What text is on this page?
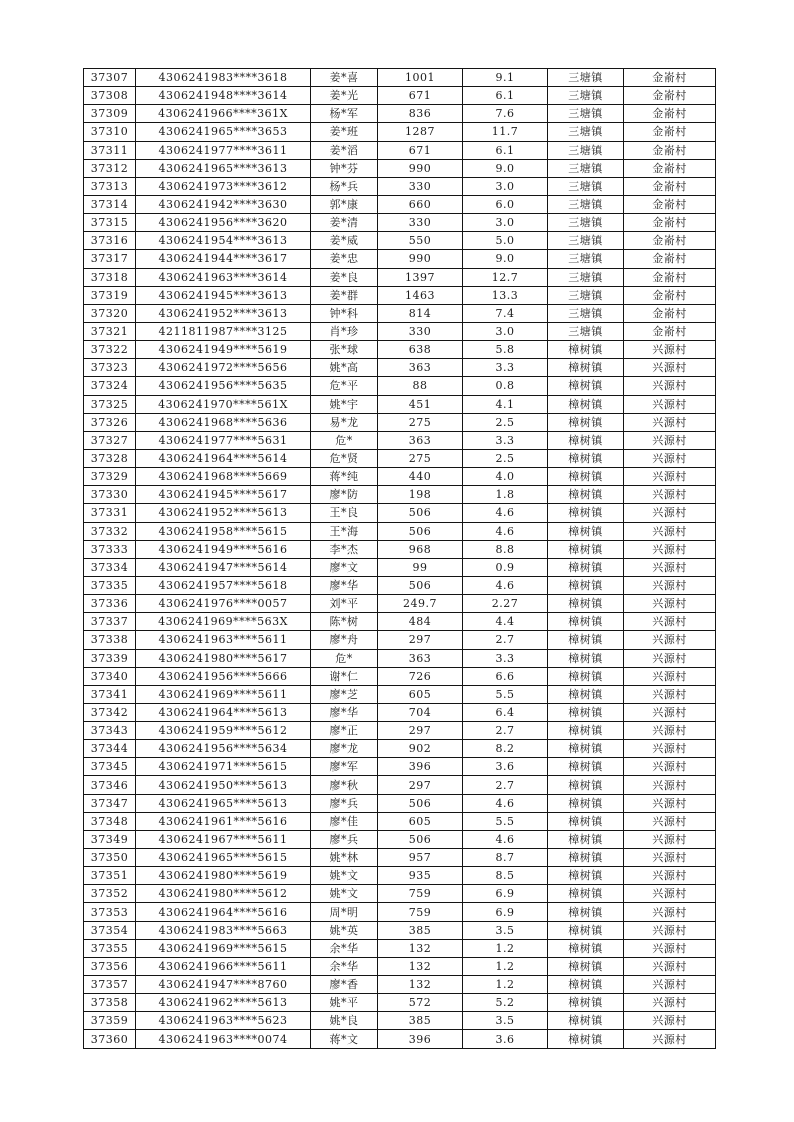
37307	4306241983****3618	姜*喜	1001	9.1	三塘镇	金嵛村
37308	4306241948****3614	姜*光	671	6.1	三塘镇	金嵛村
37309	4306241966****361X	杨*军	836	7.6	三塘镇	金嵛村
37310	4306241965****3653	姜*班	1287	11.7	三塘镇	金嵛村
37311	4306241977****3611	姜*滔	671	6.1	三塘镇	金嵛村
37312	4306241965****3613	钟*芬	990	9.0	三塘镇	金嵛村
37313	4306241973****3612	杨*兵	330	3.0	三塘镇	金嵛村
37314	4306241942****3630	郭*康	660	6.0	三塘镇	金嵛村
37315	4306241956****3620	姜*清	330	3.0	三塘镇	金嵛村
37316	4306241954****3613	姜*威	550	5.0	三塘镇	金嵛村
37317	4306241944****3617	姜*忠	990	9.0	三塘镇	金嵛村
37318	4306241963****3614	姜*良	1397	12.7	三塘镇	金嵛村
37319	4306241945****3613	姜*群	1463	13.3	三塘镇	金嵛村
37320	4306241952****3613	钟*科	814	7.4	三塘镇	金嵛村
37321	4211811987****3125	肖*珍	330	3.0	三塘镇	金嵛村
37322	4306241949****5619	张*球	638	5.8	樟树镇	兴源村
37323	4306241972****5656	姚*高	363	3.3	樟树镇	兴源村
37324	4306241956****5635	危*平	88	0.8	樟树镇	兴源村
37325	4306241970****561X	姚*宇	451	4.1	樟树镇	兴源村
37326	4306241968****5636	易*龙	275	2.5	樟树镇	兴源村
37327	4306241977****5631	危*	363	3.3	樟树镇	兴源村
37328	4306241964****5614	危*贤	275	2.5	樟树镇	兴源村
37329	4306241968****5669	蒋*纯	440	4.0	樟树镇	兴源村
37330	4306241945****5617	廖*防	198	1.8	樟树镇	兴源村
37331	4306241952****5613	王*良	506	4.6	樟树镇	兴源村
37332	4306241958****5615	王*海	506	4.6	樟树镇	兴源村
37333	4306241949****5616	李*杰	968	8.8	樟树镇	兴源村
37334	4306241947****5614	廖*文	99	0.9	樟树镇	兴源村
37335	4306241957****5618	廖*华	506	4.6	樟树镇	兴源村
37336	4306241976****0057	刘*平	249.7	2.27	樟树镇	兴源村
37337	4306241969****563X	陈*树	484	4.4	樟树镇	兴源村
37338	4306241963****5611	廖*舟	297	2.7	樟树镇	兴源村
37339	4306241980****5617	危*	363	3.3	樟树镇	兴源村
37340	4306241956****5666	谢*仁	726	6.6	樟树镇	兴源村
37341	4306241969****5611	廖*芝	605	5.5	樟树镇	兴源村
37342	4306241964****5613	廖*华	704	6.4	樟树镇	兴源村
37343	4306241959****5612	廖*正	297	2.7	樟树镇	兴源村
37344	4306241956****5634	廖*龙	902	8.2	樟树镇	兴源村
37345	4306241971****5615	廖*军	396	3.6	樟树镇	兴源村
37346	4306241950****5613	廖*秋	297	2.7	樟树镇	兴源村
37347	4306241965****5613	廖*兵	506	4.6	樟树镇	兴源村
37348	4306241961****5616	廖*佳	605	5.5	樟树镇	兴源村
37349	4306241967****5611	廖*兵	506	4.6	樟树镇	兴源村
37350	4306241965****5615	姚*林	957	8.7	樟树镇	兴源村
37351	4306241980****5619	姚*文	935	8.5	樟树镇	兴源村
37352	4306241980****5612	姚*文	759	6.9	樟树镇	兴源村
37353	4306241964****5616	周*明	759	6.9	樟树镇	兴源村
37354	4306241983****5663	姚*英	385	3.5	樟树镇	兴源村
37355	4306241969****5615	余*华	132	1.2	樟树镇	兴源村
37356	4306241966****5611	余*华	132	1.2	樟树镇	兴源村
37357	4306241947****8760	廖*香	132	1.2	樟树镇	兴源村
37358	4306241962****5613	姚*平	572	5.2	樟树镇	兴源村
37359	4306241963****5623	姚*良	385	3.5	樟树镇	兴源村
37360	4306241963****0074	蒋*文	396	3.6	樟树镇	兴源村
